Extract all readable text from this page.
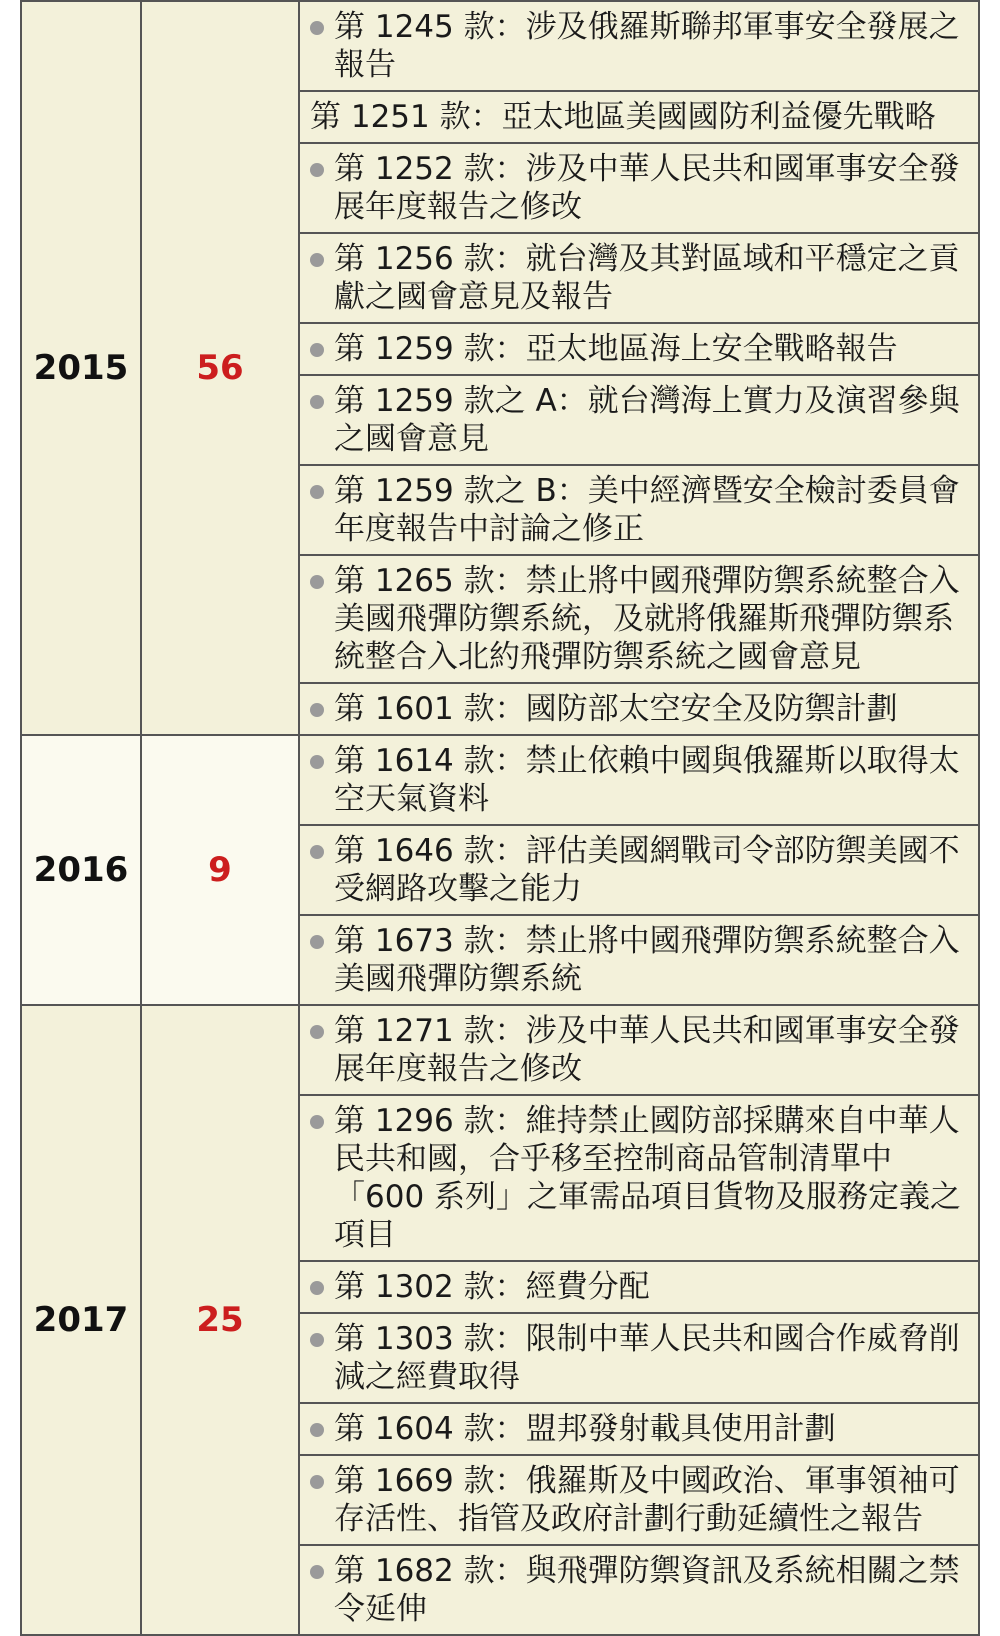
2015	56	第 1245 款：涉及俄羅斯聯邦軍事安全發展之報告

		第 1251 款：亞太地區美國國防利益優先戰略

		第 1252 款：涉及中華人民共和國軍事安全發展年度報告之修改

		第 1256 款：就台灣及其對區域和平穩定之貢獻之國會意見及報告

		第 1259 款：亞太地區海上安全戰略報告

		第 1259 款之 A：就台灣海上實力及演習參與之國會意見

		第 1259 款之 B：美中經濟暨安全檢討委員會年度報告中討論之修正

		第 1265 款：禁止將中國飛彈防禦系統整合入美國飛彈防禦系統，及就將俄羅斯飛彈防禦系統整合入北約飛彈防禦系統之國會意見

		第 1601 款：國防部太空安全及防禦計劃

2016	9	第 1614 款：禁止依賴中國與俄羅斯以取得太空天氣資料

		第 1646 款：評估美國網戰司令部防禦美國不受網路攻擊之能力

		第 1673 款：禁止將中國飛彈防禦系統整合入美國飛彈防禦系統

2017	25	第 1271 款：涉及中華人民共和國軍事安全發展年度報告之修改

		第 1296 款：維持禁止國防部採購來自中華人民共和國，合乎移至控制商品管制清單中「600 系列」之軍需品項目貨物及服務定義之項目

		第 1302 款：經費分配

		第 1303 款：限制中華人民共和國合作威脅削減之經費取得

		第 1604 款：盟邦發射載具使用計劃

		第 1669 款：俄羅斯及中國政治、軍事領袖可存活性、指管及政府計劃行動延續性之報告

		第 1682 款：與飛彈防禦資訊及系統相關之禁令延伸
